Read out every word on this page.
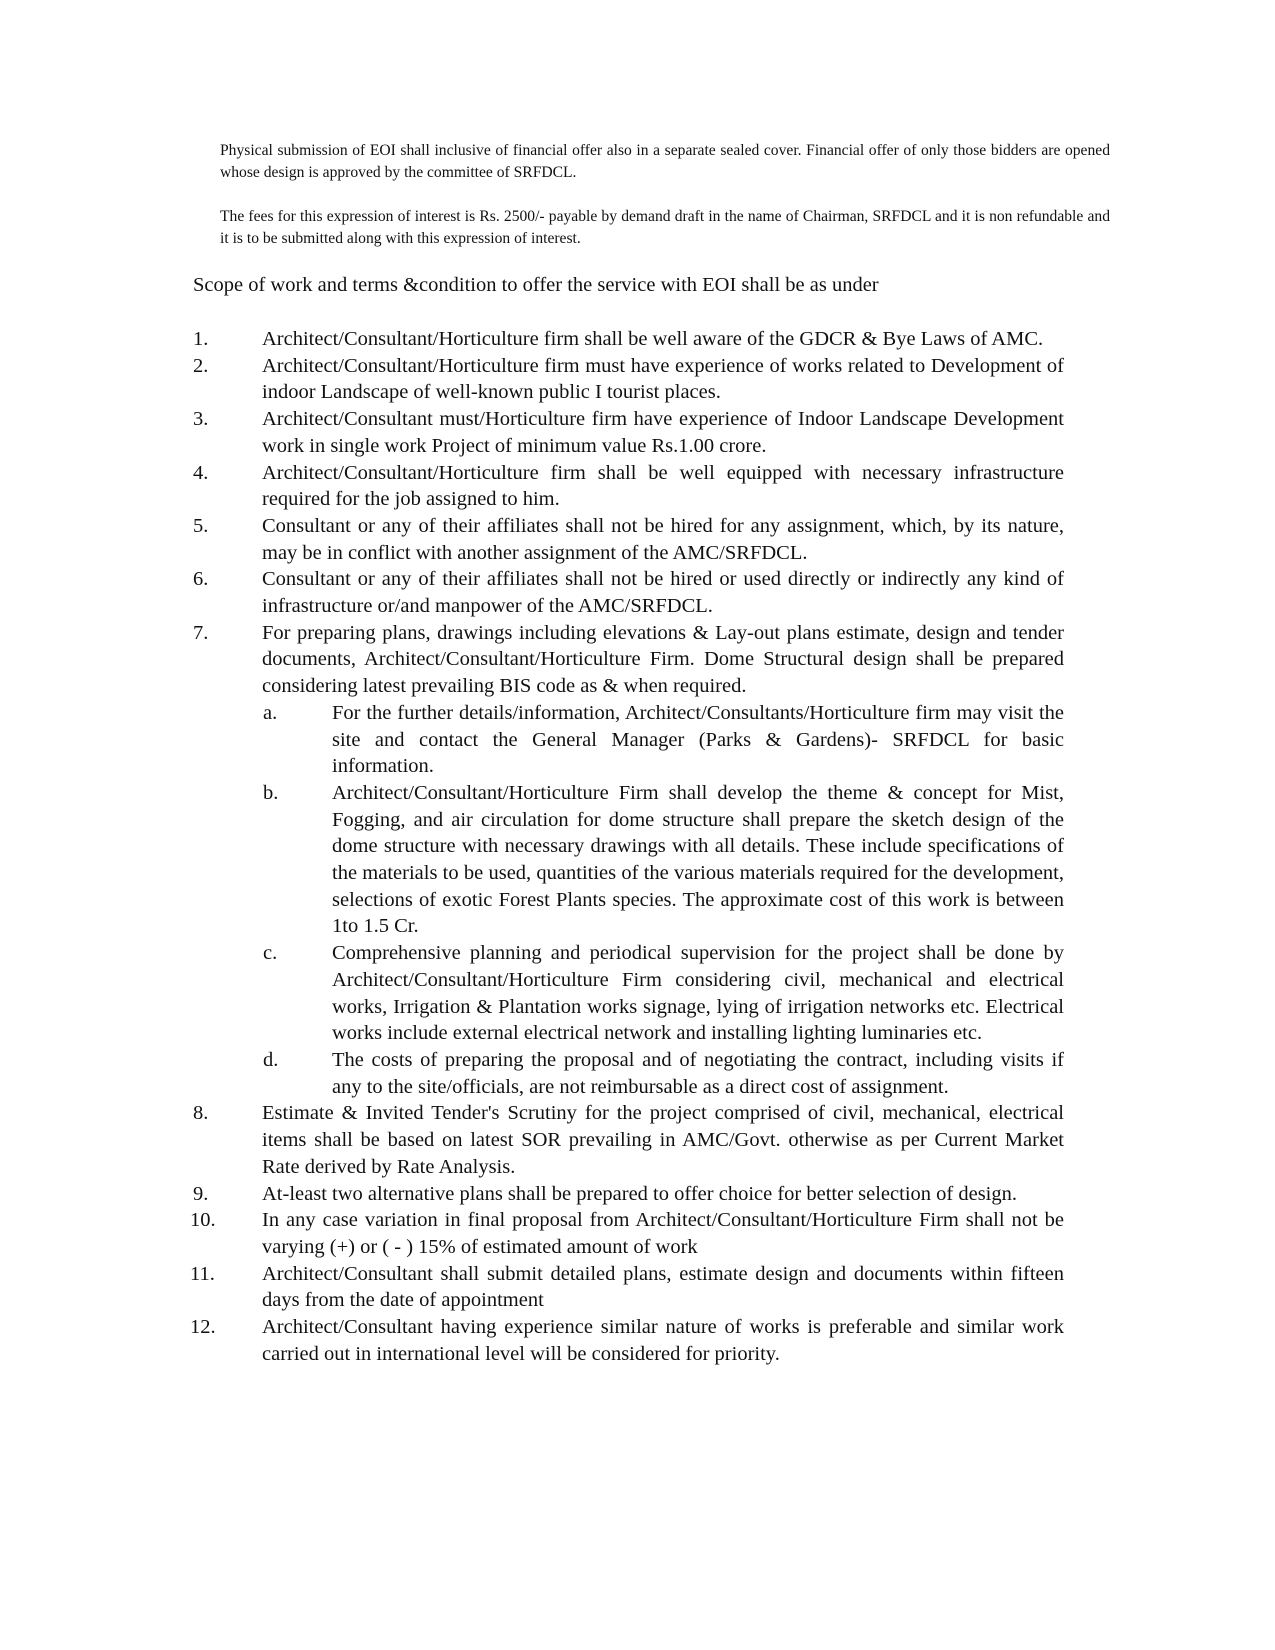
Physical submission of EOI shall inclusive of financial offer also in a separate sealed cover. Financial offer of only those bidders are opened whose design is approved by the committee of SRFDCL.

The fees for this expression of interest is Rs. 2500/- payable by demand draft in the name of Chairman, SRFDCL and it is non refundable and it is to be submitted along with this expression of interest.

Scope of work and terms &condition to offer the service with EOI shall be as under

1.	Architect/Consultant/Horticulture firm shall be well aware of the GDCR & Bye Laws of AMC.
2.	Architect/Consultant/Horticulture firm must have experience of works related to Development of indoor Landscape of well-known public I tourist places.
3.	Architect/Consultant must/Horticulture firm have experience of Indoor Landscape Development work in single work Project of minimum value Rs.1.00 crore.
4.	Architect/Consultant/Horticulture firm shall be well equipped with necessary infrastructure required for the job assigned to him.
5.	Consultant or any of their affiliates shall not be hired for any assignment, which, by its nature, may be in conflict with another assignment of the AMC/SRFDCL.
6.	Consultant or any of their affiliates shall not be hired or used directly or indirectly any kind of infrastructure or/and manpower of the AMC/SRFDCL.
7.	For preparing plans, drawings including elevations & Lay-out plans estimate, design and tender documents, Architect/Consultant/Horticulture Firm. Dome Structural design shall be prepared considering latest prevailing BIS code as & when required.
a.	For the further details/information, Architect/Consultants/Horticulture firm may visit the site and contact the General Manager (Parks & Gardens)- SRFDCL for basic information.
b.	Architect/Consultant/Horticulture Firm shall develop the theme & concept for Mist, Fogging, and air circulation for dome structure shall prepare the sketch design of the dome structure with necessary drawings with all details. These include specifications of the materials to be used, quantities of the various materials required for the development, selections of exotic Forest Plants species. The approximate cost of this work is between 1to 1.5 Cr.
c.	Comprehensive planning and periodical supervision for the project shall be done by Architect/Consultant/Horticulture Firm considering civil, mechanical and electrical works, Irrigation & Plantation works signage, lying of irrigation networks etc. Electrical works include external electrical network and installing lighting luminaries etc.
d.	The costs of preparing the proposal and of negotiating the contract, including visits if any to the site/officials, are not reimbursable as a direct cost of assignment.
8.	Estimate & Invited Tender's Scrutiny for the project comprised of civil, mechanical, electrical items shall be based on latest SOR prevailing in AMC/Govt. otherwise as per Current Market Rate derived by Rate Analysis.
9.	At-least two alternative plans shall be prepared to offer choice for better selection of design.
10. In any case variation in final proposal from Architect/Consultant/Horticulture Firm shall not be varying (+) or ( - ) 15% of estimated amount of work
11. Architect/Consultant shall submit detailed plans, estimate design and documents within fifteen days from the date of appointment
12. Architect/Consultant having experience similar nature of works is preferable and similar work carried out in international level will be considered for priority.
